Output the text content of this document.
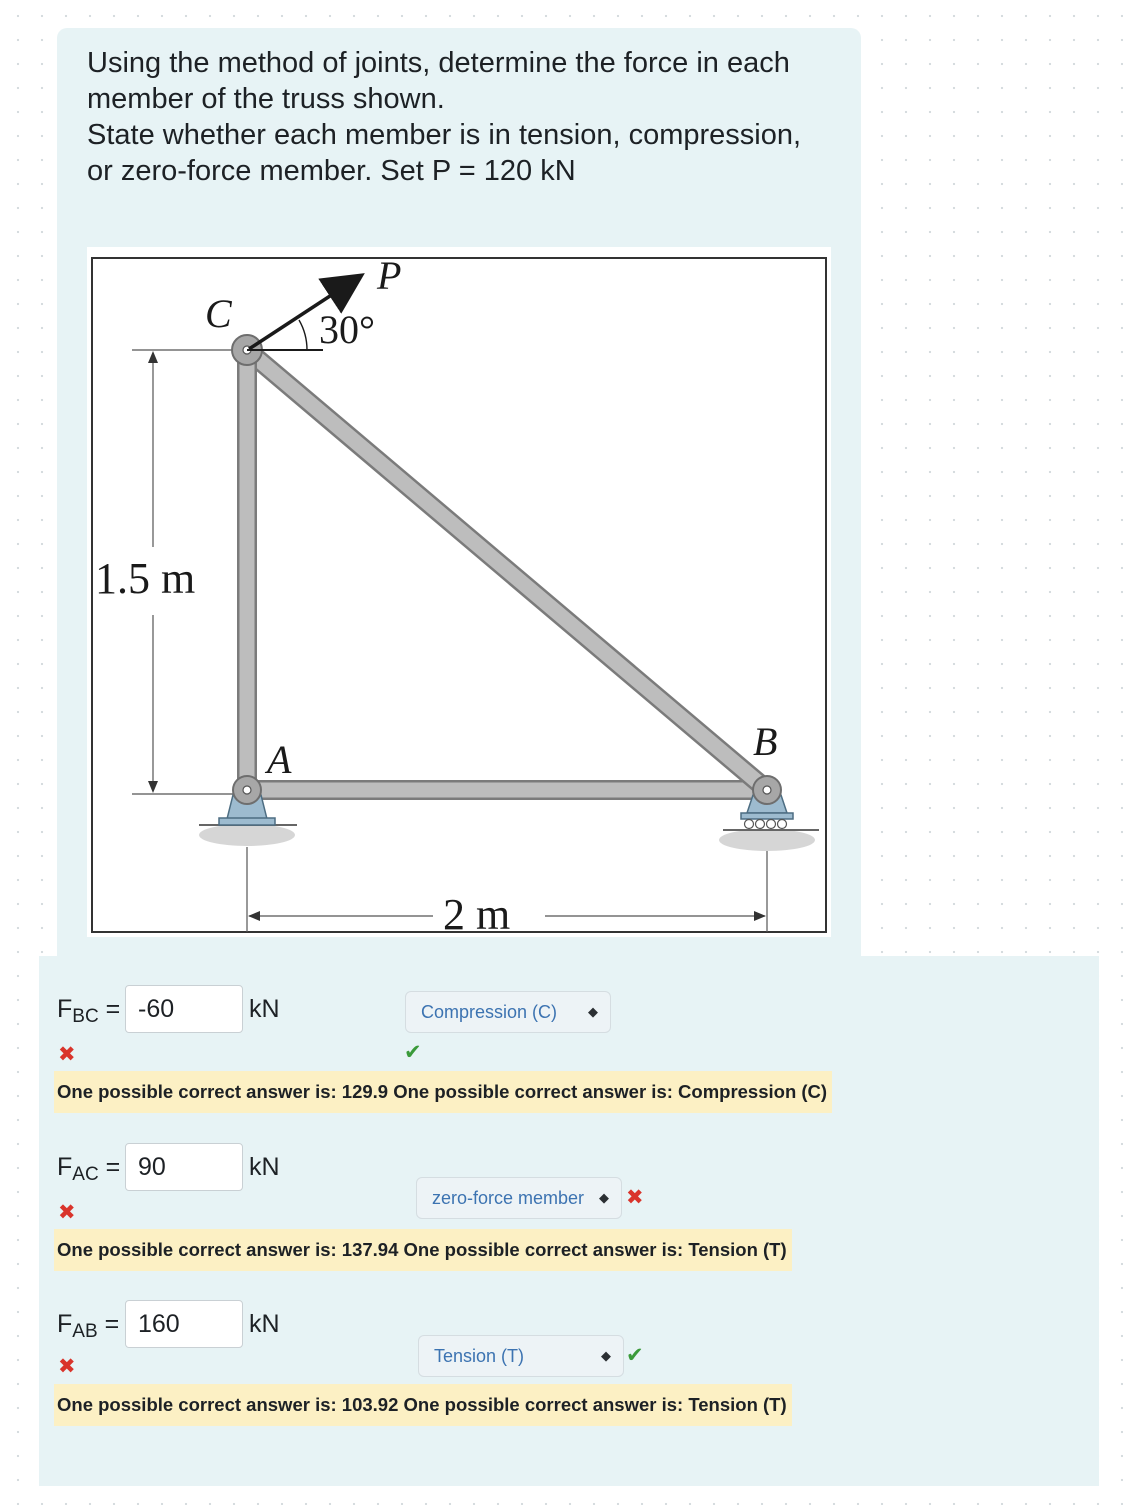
Using the method of joints, determine the force in each
member of the truss shown.
State whether each member is in tension, compression,
or zero-force member. Set P = 120 kN

1.5 m
2 m
P
30°
C
A	B
$F_{BC}$ =
-60	kN	Compression (C) ◆
✖	✔
One possible correct answer is: 129.9 One possible correct answer is: Compression (C)
$F_{AC}$ =
90	kN
zero-force member ◆ ✖
✖
One possible correct answer is: 137.94 One possible correct answer is: Tension (T)
$F_{AB}$ =
160	kN
Tension (T)	◆ ✔
✖
One possible correct answer is: 103.92 One possible correct answer is: Tension (T)
